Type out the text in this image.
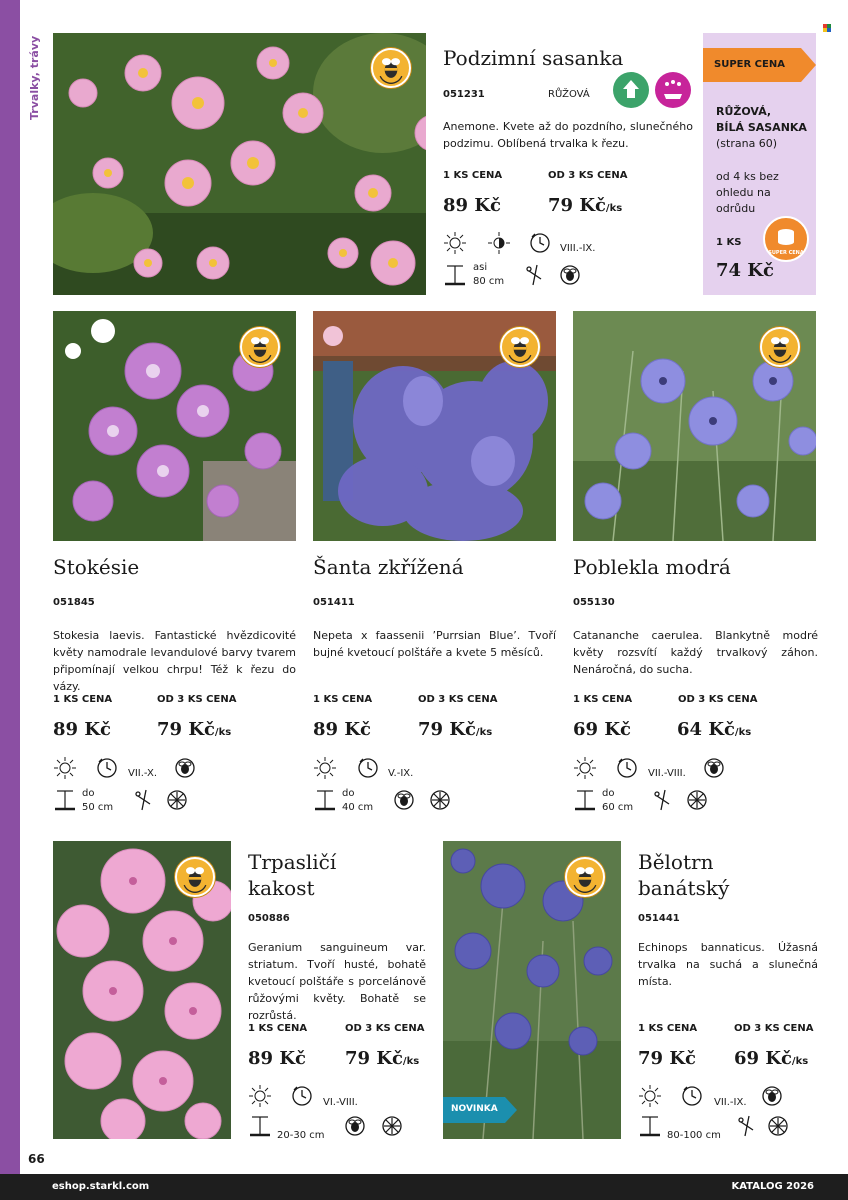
Trvalky, trávy
66
eshop.starkl.com	KATALOG 2026
Podzimní sasanka
051231	RŮŽOVÁ
Anemone. Kvete až do pozdního, slunečného podzimu. Oblíbená trvalka k řezu.
1 KS CENA	OD 3 KS CENA
89 Kč	79 Kč/ks
VIII.-IX.
asi
80 cm
SUPER CENA
RŮŽOVÁ,
BÍLÁ SASANKA
(strana 60)
od 4 ks bez
ohledu na
odrůdu
1 KS
74 Kč
SUPER CENA
Stokésie
051845
Stokesia laevis. Fantastické hvězdicovité květy namodrale levandulové barvy tvarem připomínají velkou chrpu! Též k řezu do vázy.
1 KS CENA	OD 3 KS CENA
89 Kč	79 Kč/ks
VII.-X.
do
50 cm
Šanta zkřížená
051411
Nepeta x faassenii ʼPurrsian Blueʼ. Tvoří bujné kvetoucí polštáře a kvete 5 měsíců.
1 KS CENA	OD 3 KS CENA
89 Kč	79 Kč/ks
V.-IX.
do
40 cm
Poblekla modrá
055130
Catananche caerulea. Blankytně modré květy rozsvítí každý trvalkový záhon. Nenáročná, do sucha.
1 KS CENA	OD 3 KS CENA
69 Kč	64 Kč/ks
VII.-VIII.
do
60 cm
Trpasličí
kakost
050886
Geranium sanguineum var. striatum. Tvoří husté, bohatě kvetoucí polštáře s porcelánově růžovými květy. Bohatě se rozrůstá.
1 KS CENA	OD 3 KS CENA
89 Kč 79 Kč/ks
VI.-VIII.
20-30 cm
NOVINKA
Bělotrn
banátský
051441
Echinops bannaticus. Úžasná trvalka na suchá a slunečná místa.
1 KS CENA	OD 3 KS CENA
79 Kč 69 Kč/ks
VII.-IX.
80-100 cm
